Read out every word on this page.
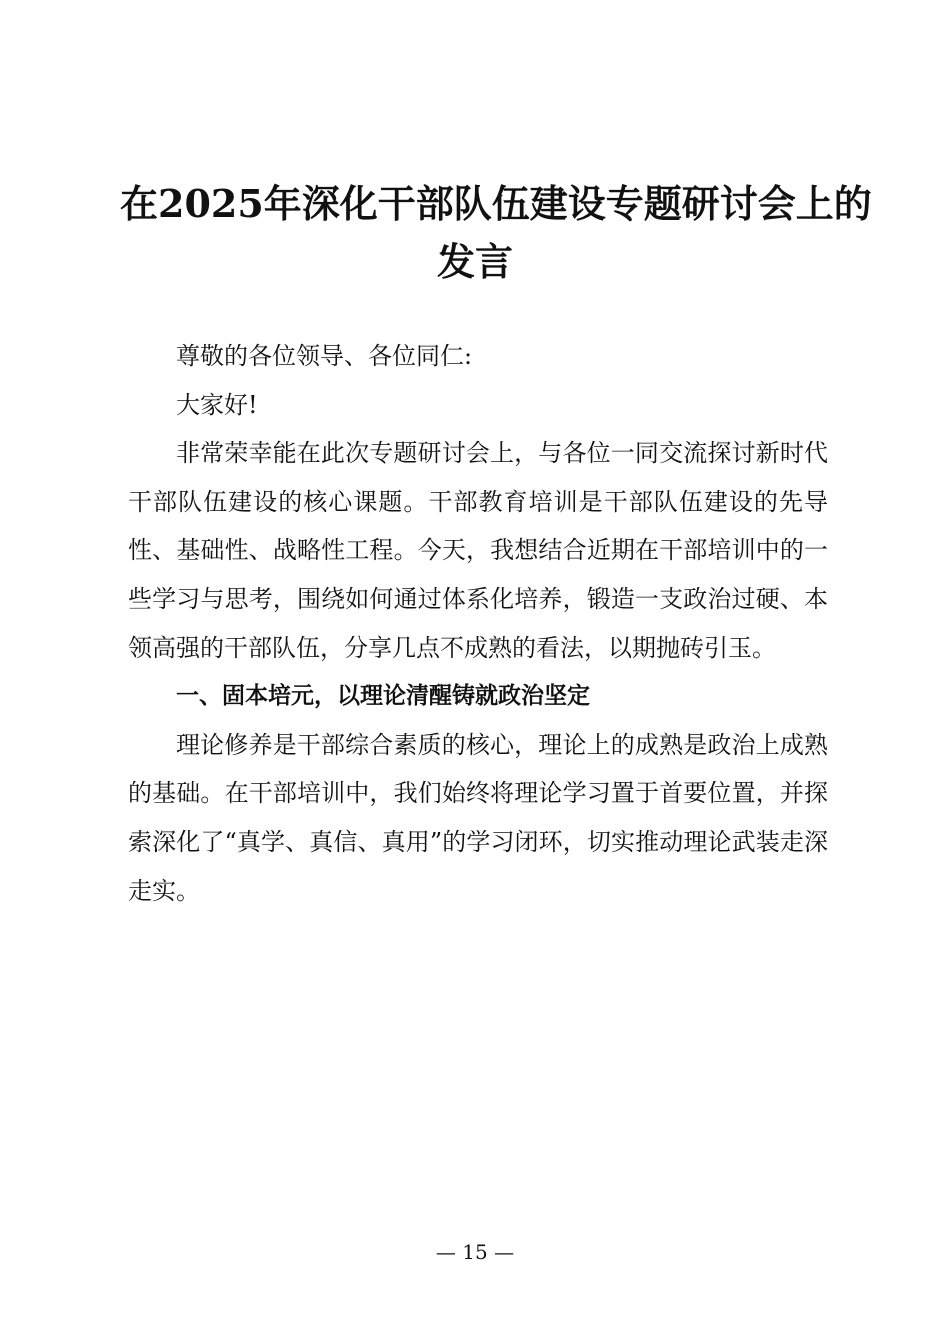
在2025年深化干部队伍建设专题研讨会上的
发言

尊敬的各位领导、各位同仁:

大家好!

非常荣幸能在此次专题研讨会上，与各位一同交流探讨新时代干部队伍建设的核心课题。干部教育培训是干部队伍建设的先导性、基础性、战略性工程。今天，我想结合近期在干部培训中的一些学习与思考，围绕如何通过体系化培养，锻造一支政治过硬、本领高强的干部队伍，分享几点不成熟的看法，以期抛砖引玉。

一、固本培元，以理论清醒铸就政治坚定

理论修养是干部综合素质的核心，理论上的成熟是政治上成熟的基础。在干部培训中，我们始终将理论学习置于首要位置，并探索深化了“真学、真信、真用”的学习闭环，切实推动理论武装走深走实。

— 15 —
